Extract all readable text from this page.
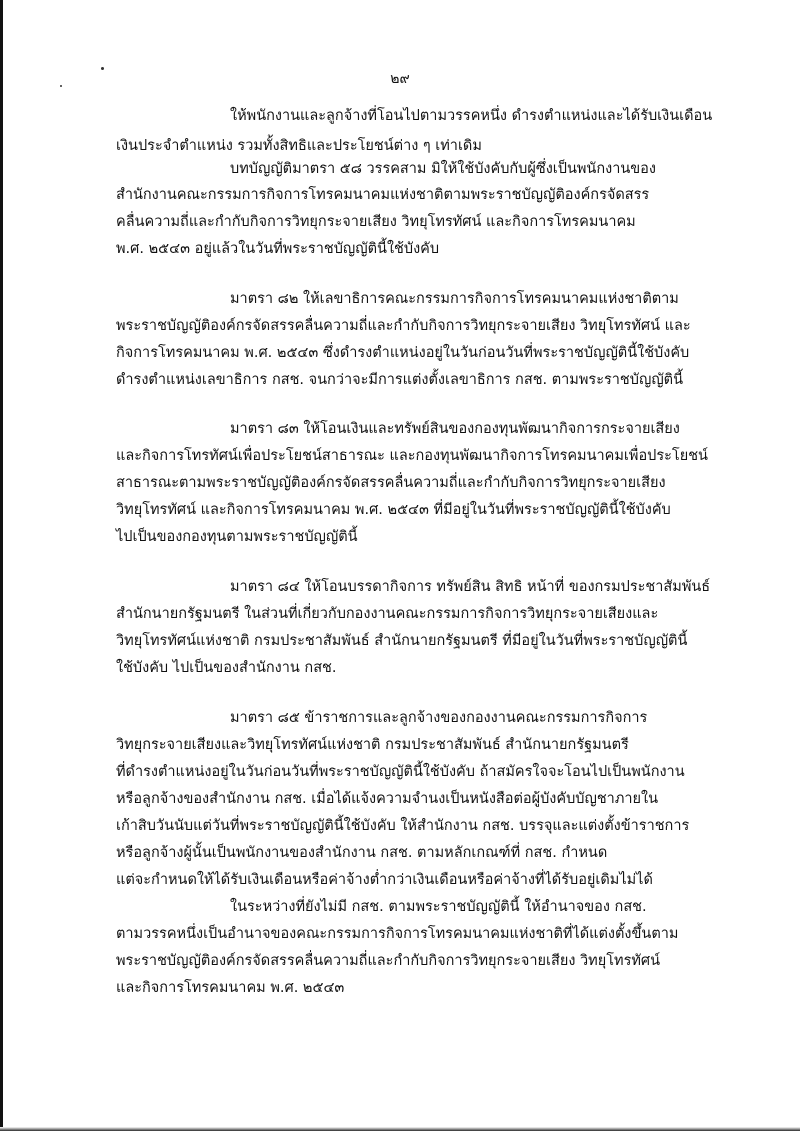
๒๙
ให้พนักงานและลูกจ้างที่โอนไปตามวรรคหนึ่ง ดำรงตำแหน่งและได้รับเงินเดือน
เงินประจำตำแหน่ง รวมทั้งสิทธิและประโยชน์ต่าง ๆ เท่าเดิม
บทบัญญัติมาตรา ๕๘ วรรคสาม มิให้ใช้บังคับกับผู้ซึ่งเป็นพนักงานของ
สำนักงานคณะกรรมการกิจการโทรคมนาคมแห่งชาติตามพระราชบัญญัติองค์กรจัดสรร
คลื่นความถี่และกำกับกิจการวิทยุกระจายเสียง วิทยุโทรทัศน์ และกิจการโทรคมนาคม
พ.ศ. ๒๕๔๓ อยู่แล้วในวันที่พระราชบัญญัตินี้ใช้บังคับ
มาตรา ๘๒ ให้เลขาธิการคณะกรรมการกิจการโทรคมนาคมแห่งชาติตาม
พระราชบัญญัติองค์กรจัดสรรคลื่นความถี่และกำกับกิจการวิทยุกระจายเสียง วิทยุโทรทัศน์ และ
กิจการโทรคมนาคม พ.ศ. ๒๕๔๓ ซึ่งดำรงตำแหน่งอยู่ในวันก่อนวันที่พระราชบัญญัตินี้ใช้บังคับ
ดำรงตำแหน่งเลขาธิการ กสช. จนกว่าจะมีการแต่งตั้งเลขาธิการ กสช. ตามพระราชบัญญัตินี้
มาตรา ๘๓ ให้โอนเงินและทรัพย์สินของกองทุนพัฒนากิจการกระจายเสียง
และกิจการโทรทัศน์เพื่อประโยชน์สาธารณะ และกองทุนพัฒนากิจการโทรคมนาคมเพื่อประโยชน์
สาธารณะตามพระราชบัญญัติองค์กรจัดสรรคลื่นความถี่และกำกับกิจการวิทยุกระจายเสียง
วิทยุโทรทัศน์ และกิจการโทรคมนาคม พ.ศ. ๒๕๔๓ ที่มีอยู่ในวันที่พระราชบัญญัตินี้ใช้บังคับ
ไปเป็นของกองทุนตามพระราชบัญญัตินี้
มาตรา ๘๔ ให้โอนบรรดากิจการ ทรัพย์สิน สิทธิ หน้าที่ ของกรมประชาสัมพันธ์
สำนักนายกรัฐมนตรี ในส่วนที่เกี่ยวกับกองงานคณะกรรมการกิจการวิทยุกระจายเสียงและ
วิทยุโทรทัศน์แห่งชาติ กรมประชาสัมพันธ์ สำนักนายกรัฐมนตรี ที่มีอยู่ในวันที่พระราชบัญญัตินี้
ใช้บังคับ ไปเป็นของสำนักงาน กสช.
มาตรา ๘๕ ข้าราชการและลูกจ้างของกองงานคณะกรรมการกิจการ
วิทยุกระจายเสียงและวิทยุโทรทัศน์แห่งชาติ กรมประชาสัมพันธ์ สำนักนายกรัฐมนตรี
ที่ดำรงตำแหน่งอยู่ในวันก่อนวันที่พระราชบัญญัตินี้ใช้บังคับ ถ้าสมัครใจจะโอนไปเป็นพนักงาน
หรือลูกจ้างของสำนักงาน กสช. เมื่อได้แจ้งความจำนงเป็นหนังสือต่อผู้บังคับบัญชาภายใน
เก้าสิบวันนับแต่วันที่พระราชบัญญัตินี้ใช้บังคับ ให้สำนักงาน กสช. บรรจุและแต่งตั้งข้าราชการ
หรือลูกจ้างผู้นั้นเป็นพนักงานของสำนักงาน กสช. ตามหลักเกณฑ์ที่ กสช. กำหนด
แต่จะกำหนดให้ได้รับเงินเดือนหรือค่าจ้างต่ำกว่าเงินเดือนหรือค่าจ้างที่ได้รับอยู่เดิมไม่ได้
ในระหว่างที่ยังไม่มี กสช. ตามพระราชบัญญัตินี้ ให้อำนาจของ กสช.
ตามวรรคหนึ่งเป็นอำนาจของคณะกรรมการกิจการโทรคมนาคมแห่งชาติที่ได้แต่งตั้งขึ้นตาม
พระราชบัญญัติองค์กรจัดสรรคลื่นความถี่และกำกับกิจการวิทยุกระจายเสียง วิทยุโทรทัศน์
และกิจการโทรคมนาคม พ.ศ. ๒๕๔๓
